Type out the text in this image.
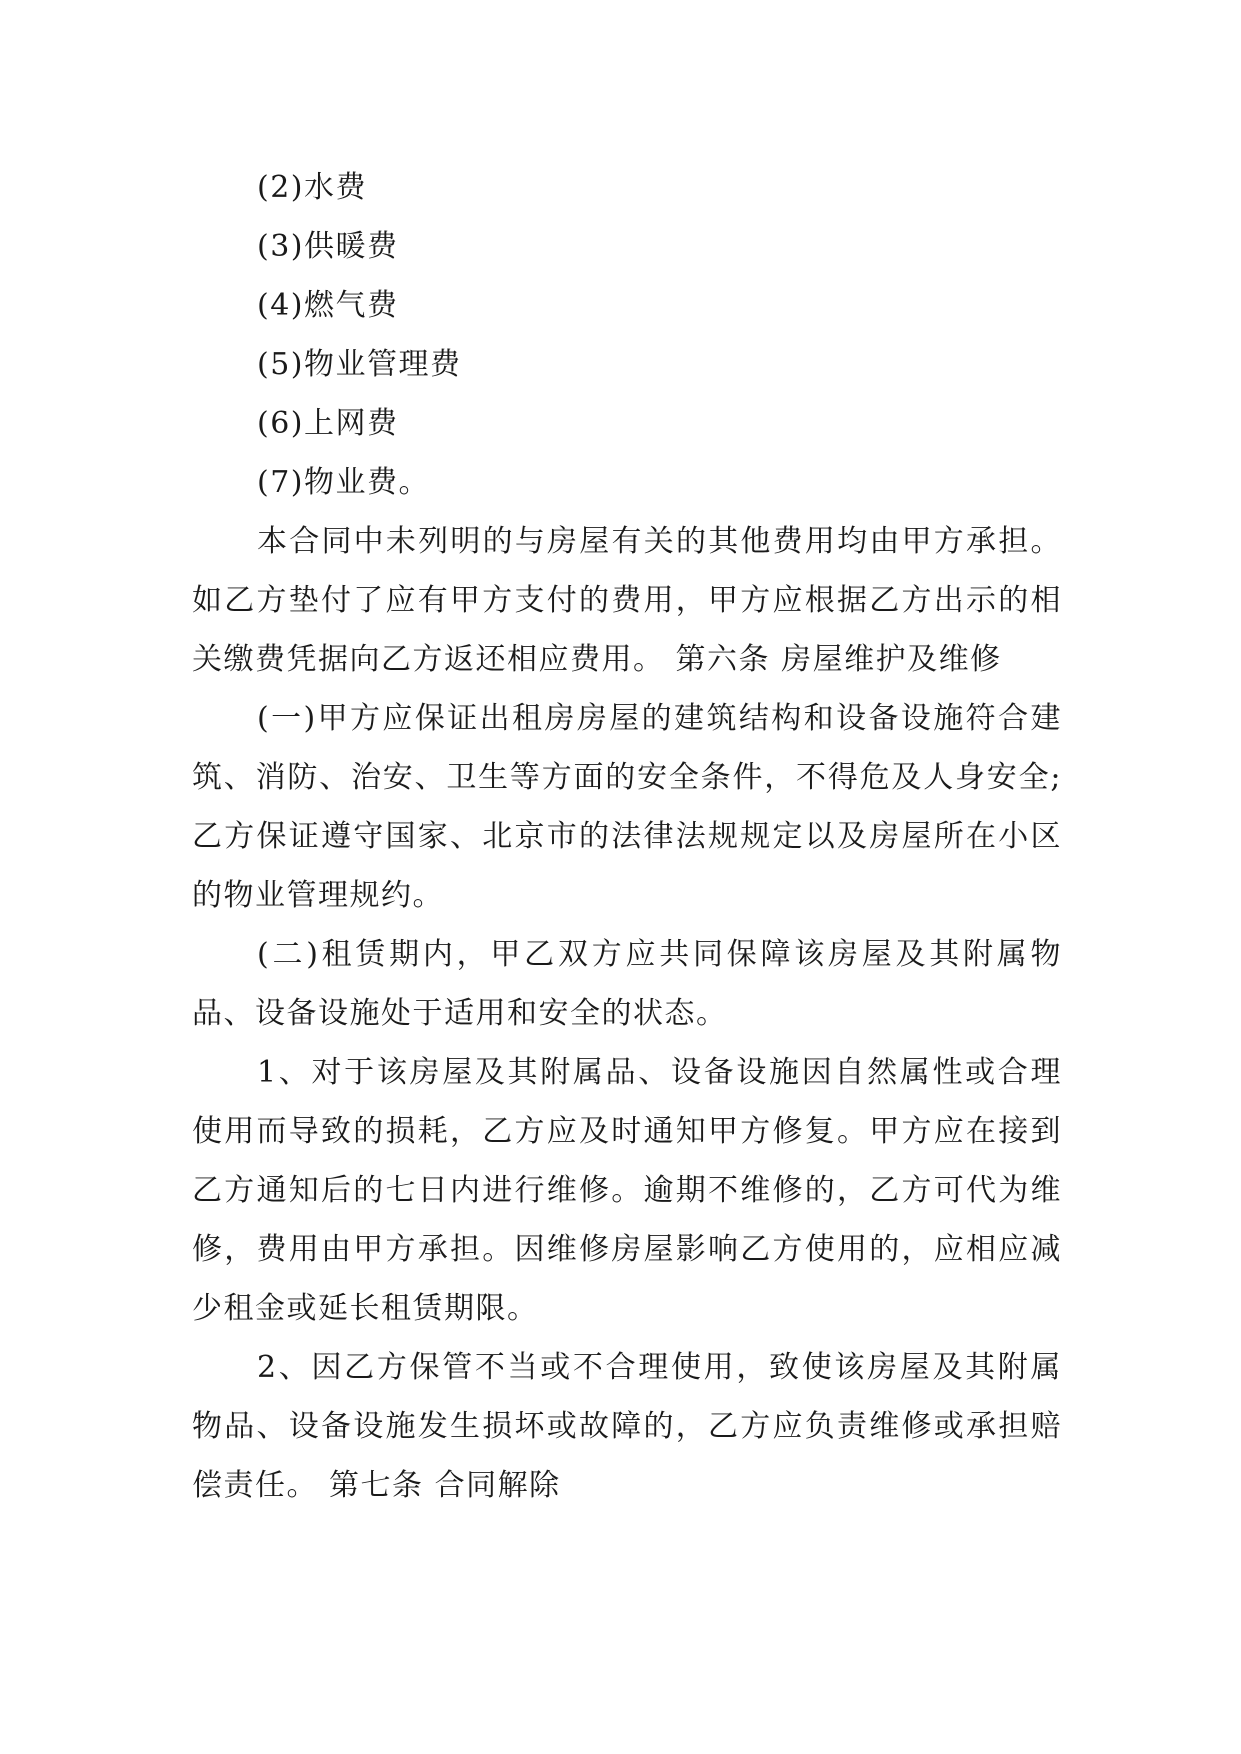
(2)水费
(3)供暖费
(4)燃气费
(5)物业管理费
(6)上网费
(7)物业费。

本合同中未列明的与房屋有关的其他费用均由甲方承担。如乙方垫付了应有甲方支付的费用，甲方应根据乙方出示的相关缴费凭据向乙方返还相应费用。 第六条 房屋维护及维修

(一)甲方应保证出租房房屋的建筑结构和设备设施符合建筑、消防、治安、卫生等方面的安全条件，不得危及人身安全;乙方保证遵守国家、北京市的法律法规规定以及房屋所在小区的物业管理规约。

(二)租赁期内，甲乙双方应共同保障该房屋及其附属物品、设备设施处于适用和安全的状态。

1、对于该房屋及其附属品、设备设施因自然属性或合理使用而导致的损耗，乙方应及时通知甲方修复。甲方应在接到乙方通知后的七日内进行维修。逾期不维修的，乙方可代为维修，费用由甲方承担。因维修房屋影响乙方使用的，应相应减少租金或延长租赁期限。

2、因乙方保管不当或不合理使用，致使该房屋及其附属物品、设备设施发生损坏或故障的，乙方应负责维修或承担赔偿责任。 第七条 合同解除
